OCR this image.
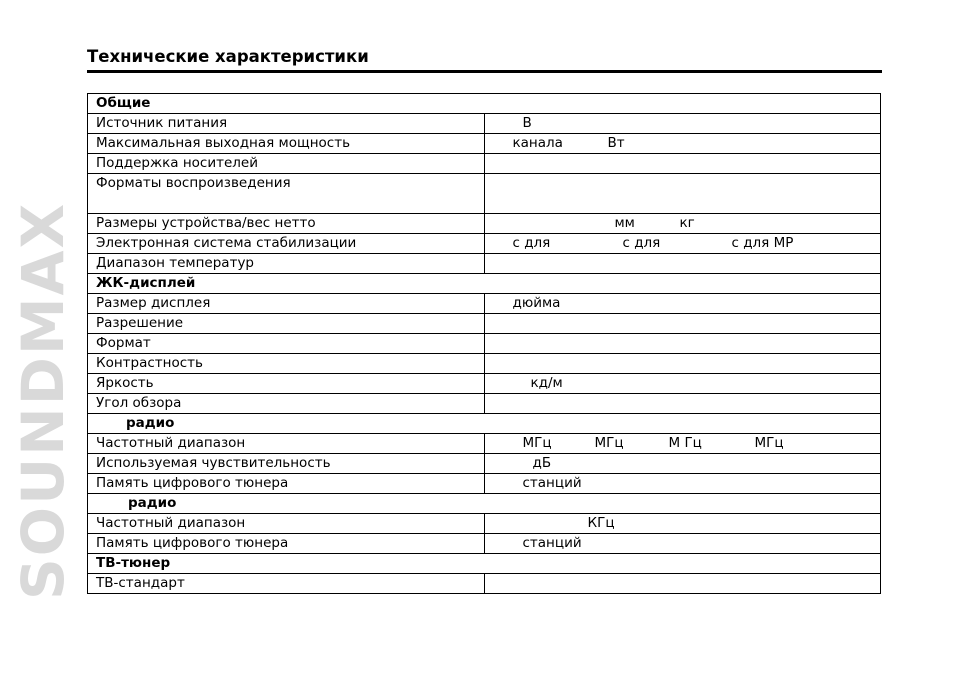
SOUNDMAX
Технические характеристики
Общие	
Источник питания	В

Максимальная выходная мощность	канала Вт

Поддержка носителей	

Форматы воспроизведения	

Размеры устройства/вес нетто	мм кг

Электронная система стабилизации	с для с для с для MP

Диапазон температур	

ЖК-дисплей	
Размер дисплея	дюйма

Разрешение	

Формат	

Контрастность	

Яркость	кд/м

Угол обзора	

радио	
Частотный диапазон	МГц МГц М Гц МГц

Используемая чувствительность	дБ

Память цифрового тюнера	станций

радио	
Частотный диапазон	КГц

Память цифрового тюнера	станций

ТВ-тюнер	
ТВ-стандарт	
